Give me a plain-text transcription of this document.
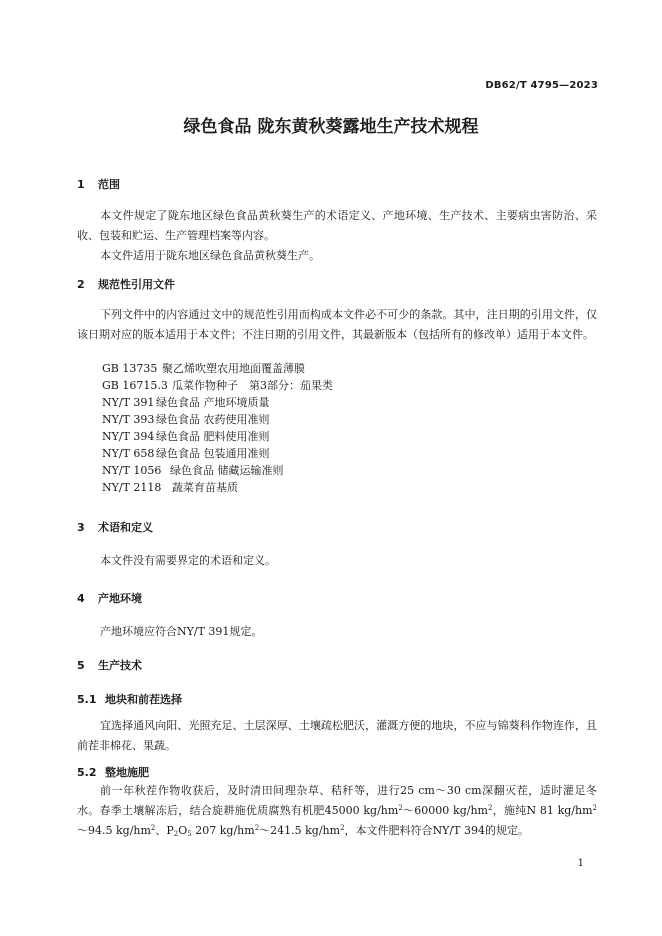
DB62/T 4795—2023
绿色食品 陇东黄秋葵露地生产技术规程
1 范围
本文件规定了陇东地区绿色食品黄秋葵生产的术语定义、产地环境、生产技术、主要病虫害防治、采收、包装和贮运、生产管理档案等内容。
本文件适用于陇东地区绿色食品黄秋葵生产。
2 规范性引用文件
下列文件中的内容通过文中的规范性引用而构成本文件必不可少的条款。其中，注日期的引用文件，仅该日期对应的版本适用于本文件；不注日期的引用文件，其最新版本（包括所有的修改单）适用于本文件。
GB 13735 聚乙烯吹塑农用地面覆盖薄膜
GB 16715.3 瓜菜作物种子　第3部分：茄果类
NY/T 391 绿色食品 产地环境质量
NY/T 393 绿色食品 农药使用准则
NY/T 394 绿色食品 肥料使用准则
NY/T 658 绿色食品 包装通用准则
NY/T 1056 绿色食品 储藏运输准则
NY/T 2118 蔬菜育苗基质
3 术语和定义
本文件没有需要界定的术语和定义。
4 产地环境
产地环境应符合NY/T 391规定。
5 生产技术
5.1 地块和前茬选择
宜选择通风向阳、光照充足、土层深厚、土壤疏松肥沃，灌溉方便的地块，不应与锦葵科作物连作，且前茬非棉花、果蔬。
5.2 整地施肥
前一年秋茬作物收获后，及时清田间理杂草、秸秆等，进行25 cm～30 cm深翻灭茬，适时灌足冬水。春季土壤解冻后，结合旋耕施优质腐熟有机肥45000 $kg/hm^2\sim 60000$ $kg/hm^2$，施纯N 81 $kg/hm^2\sim 94.5$ $kg/hm^2$、$P_2O_5$ 207 $kg/hm^2\sim 241.5$ $kg/hm^2$，本文件肥料符合NY/T 394的规定。
1
